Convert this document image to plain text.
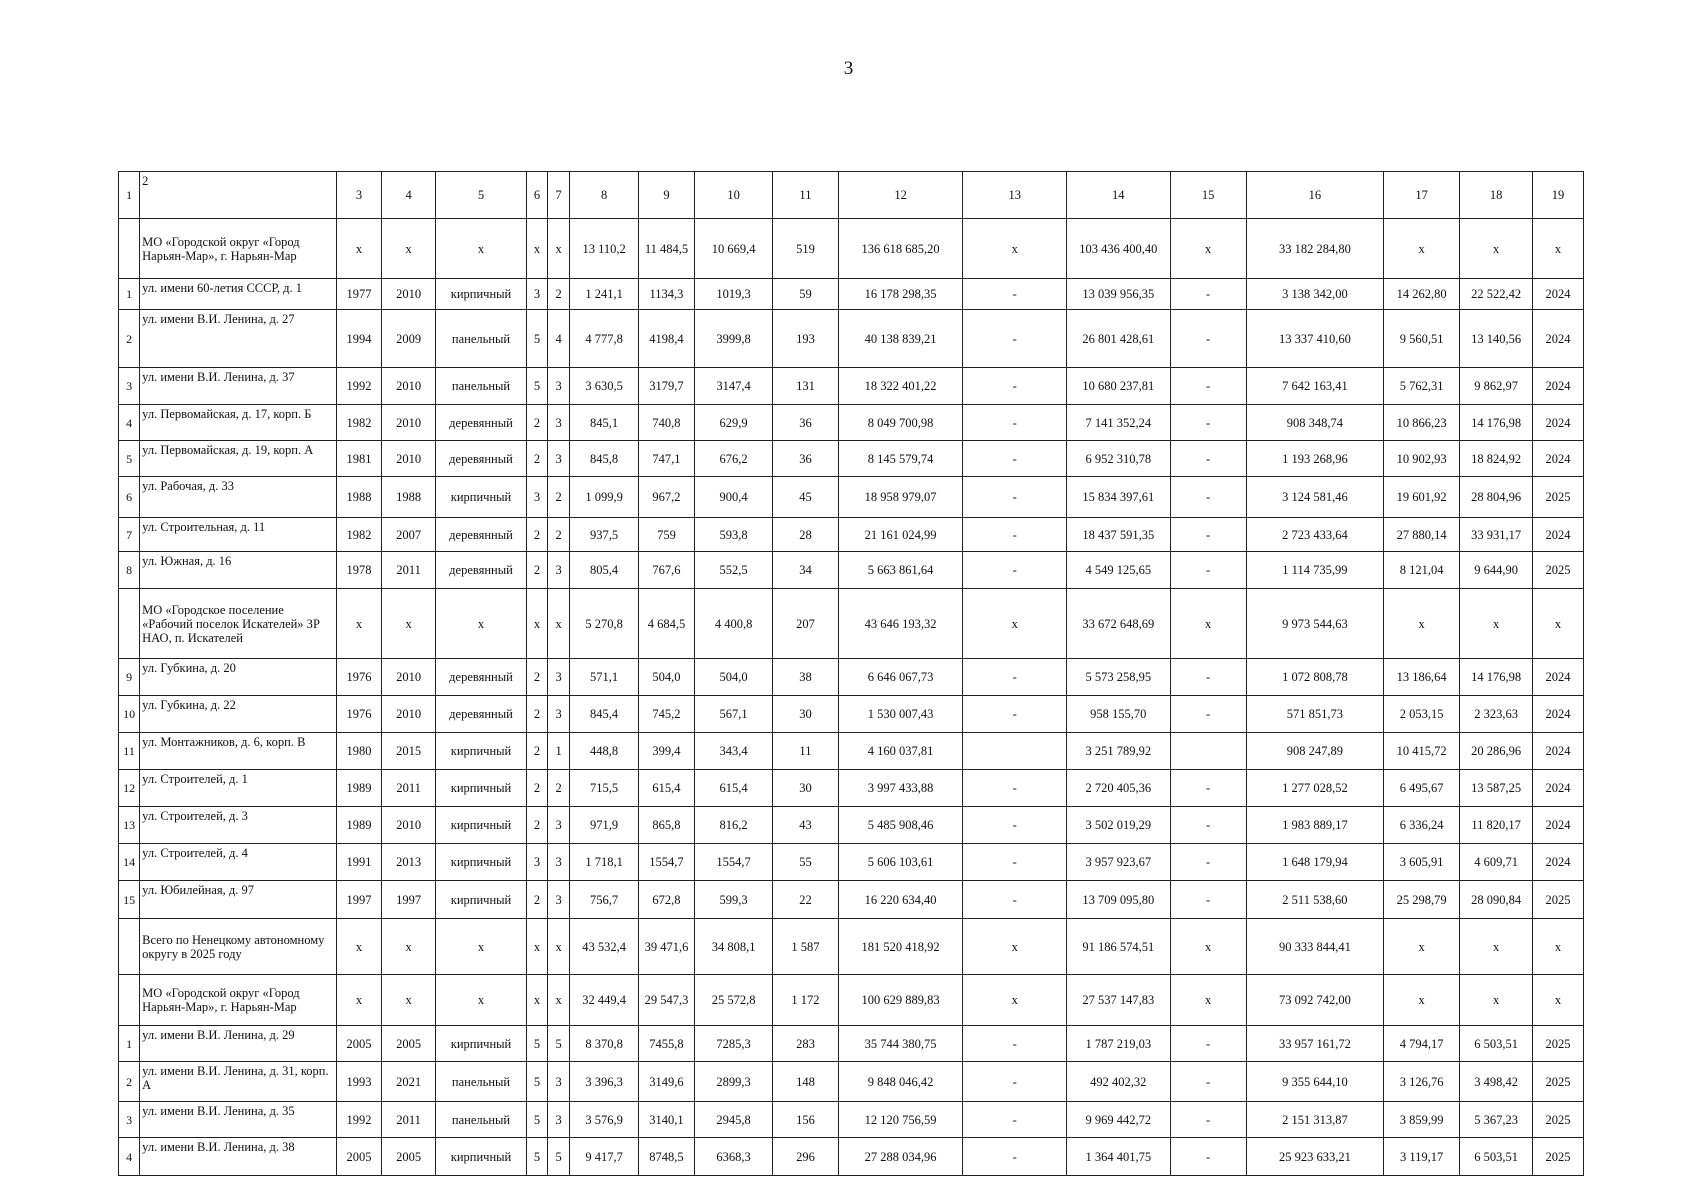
3
1	2	3	4	5	6	7	8	9	10	11	12	13	14	15	16	17	18	19
	МО «Городской округ «Город Нарьян-Мар», г. Нарьян-Мар	х	х	х	х	х	13 110,2	11 484,5	10 669,4	519	136 618 685,20	х	103 436 400,40	х	33 182 284,80	х	х	х
1	ул. имени 60-летия СССР, д. 1	1977	2010	кирпичный	3	2	1 241,1	1134,3	1019,3	59	16 178 298,35	-	13 039 956,35	-	3 138 342,00	14 262,80	22 522,42	2024
2	ул. имени В.И. Ленина, д. 27	1994	2009	панельный	5	4	4 777,8	4198,4	3999,8	193	40 138 839,21	-	26 801 428,61	-	13 337 410,60	9 560,51	13 140,56	2024
3	ул. имени В.И. Ленина, д. 37	1992	2010	панельный	5	3	3 630,5	3179,7	3147,4	131	18 322 401,22	-	10 680 237,81	-	7 642 163,41	5 762,31	9 862,97	2024
4	ул. Первомайская, д. 17, корп. Б	1982	2010	деревянный	2	3	845,1	740,8	629,9	36	8 049 700,98	-	7 141 352,24	-	908 348,74	10 866,23	14 176,98	2024
5	ул. Первомайская, д. 19, корп. А	1981	2010	деревянный	2	3	845,8	747,1	676,2	36	8 145 579,74	-	6 952 310,78	-	1 193 268,96	10 902,93	18 824,92	2024
6	ул. Рабочая, д. 33	1988	1988	кирпичный	3	2	1 099,9	967,2	900,4	45	18 958 979,07	-	15 834 397,61	-	3 124 581,46	19 601,92	28 804,96	2025
7	ул. Строительная, д. 11	1982	2007	деревянный	2	2	937,5	759	593,8	28	21 161 024,99	-	18 437 591,35	-	2 723 433,64	27 880,14	33 931,17	2024
8	ул. Южная, д. 16	1978	2011	деревянный	2	3	805,4	767,6	552,5	34	5 663 861,64	-	4 549 125,65	-	1 114 735,99	8 121,04	9 644,90	2025
	МО «Городское поселение «Рабочий поселок Искателей» ЗР НАО, п. Искателей	х	х	х	х	х	5 270,8	4 684,5	4 400,8	207	43 646 193,32	х	33 672 648,69	х	9 973 544,63	х	х	х
9	ул. Губкина, д. 20	1976	2010	деревянный	2	3	571,1	504,0	504,0	38	6 646 067,73	-	5 573 258,95	-	1 072 808,78	13 186,64	14 176,98	2024
10	ул. Губкина, д. 22	1976	2010	деревянный	2	3	845,4	745,2	567,1	30	1 530 007,43	-	958 155,70	-	571 851,73	2 053,15	2 323,63	2024
11	ул. Монтажников, д. 6, корп. В	1980	2015	кирпичный	2	1	448,8	399,4	343,4	11	4 160 037,81		3 251 789,92		908 247,89	10 415,72	20 286,96	2024
12	ул. Строителей, д. 1	1989	2011	кирпичный	2	2	715,5	615,4	615,4	30	3 997 433,88	-	2 720 405,36	-	1 277 028,52	6 495,67	13 587,25	2024
13	ул. Строителей, д. 3	1989	2010	кирпичный	2	3	971,9	865,8	816,2	43	5 485 908,46	-	3 502 019,29	-	1 983 889,17	6 336,24	11 820,17	2024
14	ул. Строителей, д. 4	1991	2013	кирпичный	3	3	1 718,1	1554,7	1554,7	55	5 606 103,61	-	3 957 923,67	-	1 648 179,94	3 605,91	4 609,71	2024
15	ул. Юбилейная, д. 97	1997	1997	кирпичный	2	3	756,7	672,8	599,3	22	16 220 634,40	-	13 709 095,80	-	2 511 538,60	25 298,79	28 090,84	2025
	Всего по Ненецкому автономному округу в 2025 году	х	х	х	х	х	43 532,4	39 471,6	34 808,1	1 587	181 520 418,92	х	91 186 574,51	х	90 333 844,41	х	х	х
	МО «Городской округ «Город Нарьян-Мар», г. Нарьян-Мар	х	х	х	х	х	32 449,4	29 547,3	25 572,8	1 172	100 629 889,83	х	27 537 147,83	х	73 092 742,00	х	х	х
1	ул. имени В.И. Ленина, д. 29	2005	2005	кирпичный	5	5	8 370,8	7455,8	7285,3	283	35 744 380,75	-	1 787 219,03	-	33 957 161,72	4 794,17	6 503,51	2025
2	ул. имени В.И. Ленина, д. 31, корп. А	1993	2021	панельный	5	3	3 396,3	3149,6	2899,3	148	9 848 046,42	-	492 402,32	-	9 355 644,10	3 126,76	3 498,42	2025
3	ул. имени В.И. Ленина, д. 35	1992	2011	панельный	5	3	3 576,9	3140,1	2945,8	156	12 120 756,59	-	9 969 442,72	-	2 151 313,87	3 859,99	5 367,23	2025
4	ул. имени В.И. Ленина, д. 38	2005	2005	кирпичный	5	5	9 417,7	8748,5	6368,3	296	27 288 034,96	-	1 364 401,75	-	25 923 633,21	3 119,17	6 503,51	2025
